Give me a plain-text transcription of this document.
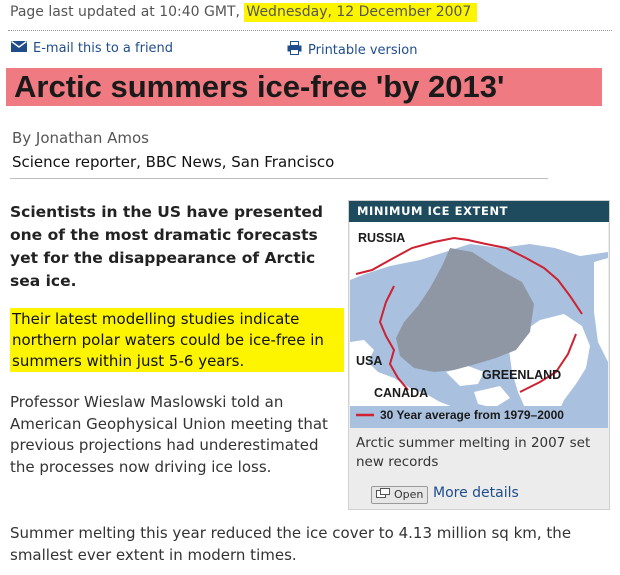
Page last updated at 10:40 GMT, Wednesday, 12 December 2007
E-mail this to a friend	Printable version
Arctic summers ice-free 'by 2013'
By Jonathan Amos
Science reporter, BBC News, San Francisco
Scientists in the US have presented one of the most dramatic forecasts yet for the disappearance of Arctic sea ice.
Their latest modelling studies indicate northern polar waters could be ice-free in summers within just 5-6 years.
Professor Wieslaw Maslowski told an American Geophysical Union meeting that previous projections had underestimated the processes now driving ice loss.
Summer melting this year reduced the ice cover to 4.13 million sq km, the smallest ever extent in modern times.
MINIMUM ICE EXTENT
RUSSIA
USA
CANADA
GREENLAND
30 Year average from 1979–2000
Arctic summer melting in 2007 set new records
Open More details
